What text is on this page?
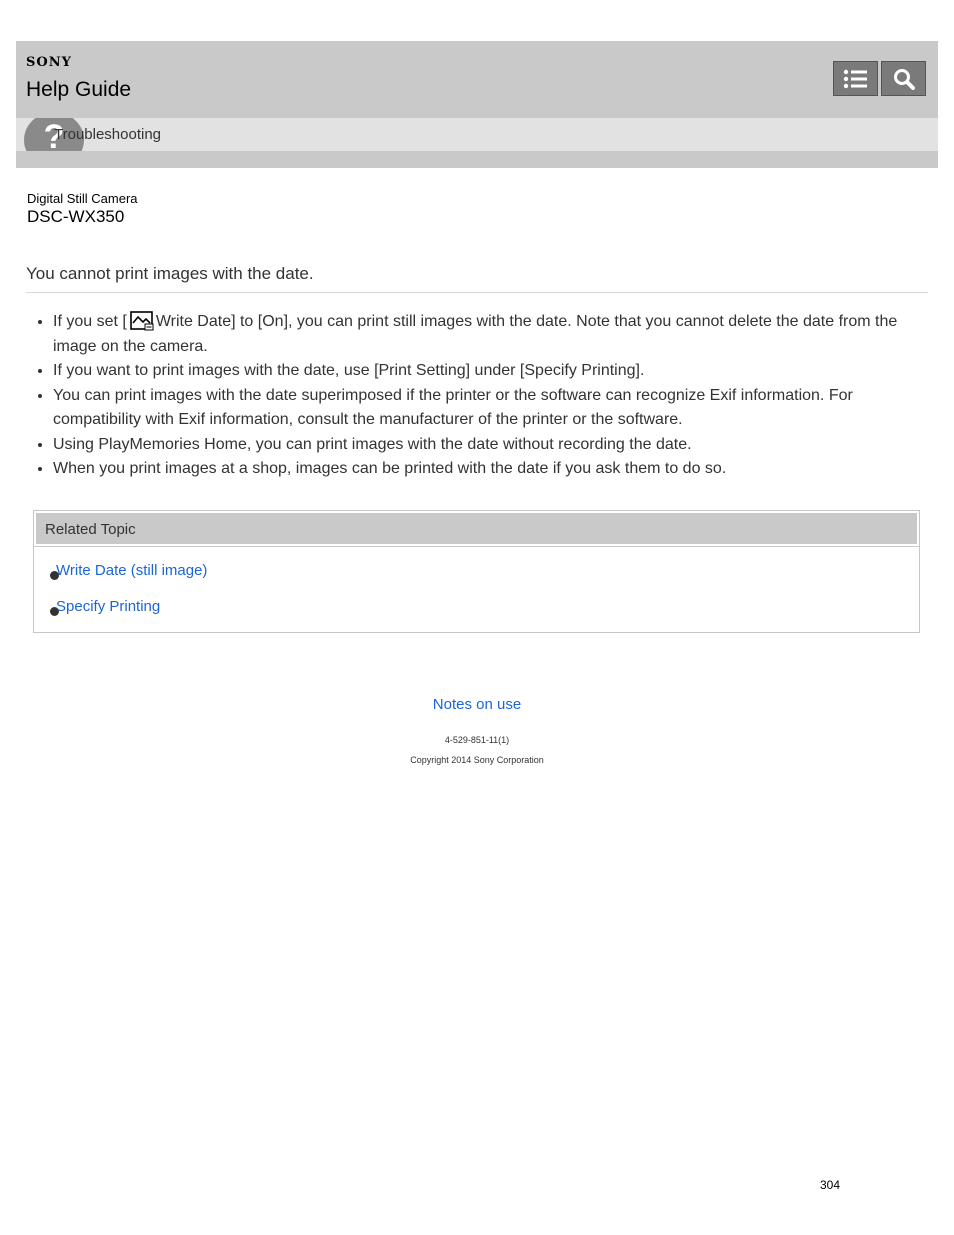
SONY
Help Guide
?
Troubleshooting
Digital Still Camera
DSC-WX350
You cannot print images with the date.
• If you set [ Write Date] to [On], you can print still images with the date. Note that you cannot delete the date from the image on the camera.
• If you want to print images with the date, use [Print Setting] under [Specify Printing].
• You can print images with the date superimposed if the printer or the software can recognize Exif information. For compatibility with Exif information, consult the manufacturer of the printer or the software.
• Using PlayMemories Home, you can print images with the date without recording the date.
• When you print images at a shop, images can be printed with the date if you ask them to do so.
Related Topic
Write Date (still image)
Specify Printing
Notes on use
4-529-851-11(1)
Copyright 2014 Sony Corporation
304
